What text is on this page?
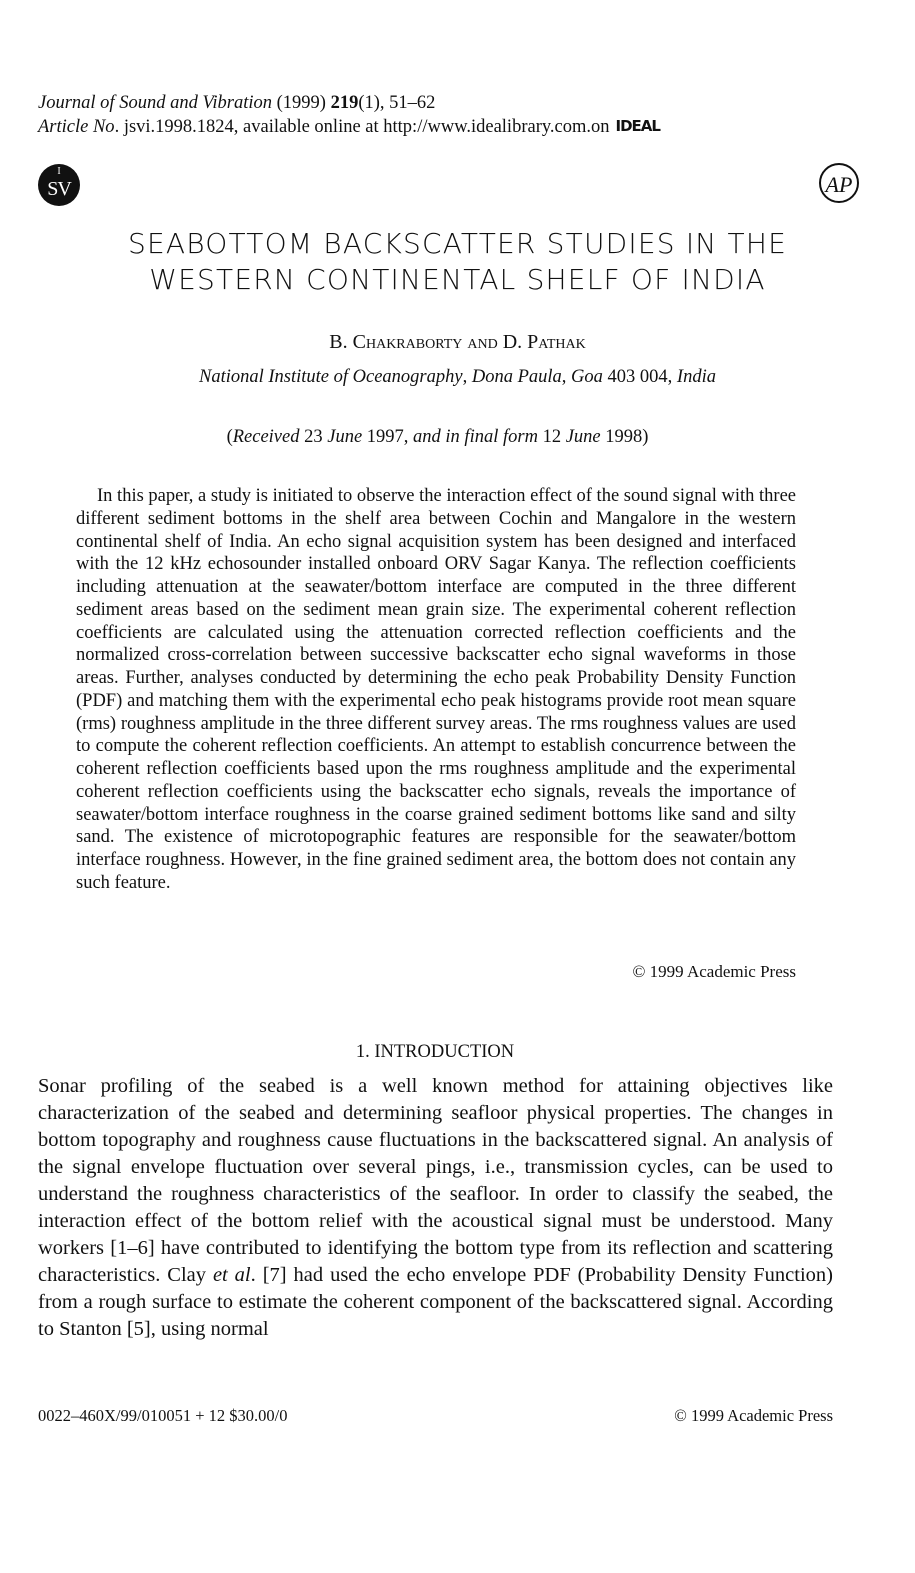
Journal of Sound and Vibration (1999) 219(1), 51–62
Article No. jsvi.1998.1824, available online at http://www.idealibrary.com.on IDEAL
I
SV	AP
SEABOTTOM BACKSCATTER STUDIES IN THE
WESTERN CONTINENTAL SHELF OF INDIA
B. Chakraborty and D. Pathak
National Institute of Oceanography, Dona Paula, Goa 403 004, India
(Received 23 June 1997, and in final form 12 June 1998)
In this paper, a study is initiated to observe the interaction effect of the sound signal with three different sediment bottoms in the shelf area between Cochin and Mangalore in the western continental shelf of India. An echo signal acquisition system has been designed and interfaced with the 12 kHz echosounder installed onboard ORV Sagar Kanya. The reflection coefficients including attenuation at the seawater/bottom interface are computed in the three different sediment areas based on the sediment mean grain size. The experimental coherent reflection coefficients are calculated using the attenuation corrected reflection coefficients and the normalized cross-correlation between successive backscatter echo signal waveforms in those areas. Further, analyses conducted by determining the echo peak Probability Density Function (PDF) and matching them with the experimental echo peak histograms provide root mean square (rms) roughness amplitude in the three different survey areas. The rms roughness values are used to compute the coherent reflection coefficients. An attempt to establish concurrence between the coherent reflection coefficients based upon the rms roughness amplitude and the experimental coherent reflection coefficients using the backscatter echo signals, reveals the importance of seawater/bottom interface roughness in the coarse grained sediment bottoms like sand and silty sand. The existence of microtopographic features are responsible for the seawater/bottom interface roughness. However, in the fine grained sediment area, the bottom does not contain any such feature.
© 1999 Academic Press
1. INTRODUCTION
Sonar profiling of the seabed is a well known method for attaining objectives like characterization of the seabed and determining seafloor physical properties. The changes in bottom topography and roughness cause fluctuations in the backscattered signal. An analysis of the signal envelope fluctuation over several pings, i.e., transmission cycles, can be used to understand the roughness characteristics of the seafloor. In order to classify the seabed, the interaction effect of the bottom relief with the acoustical signal must be understood. Many workers [1–6] have contributed to identifying the bottom type from its reflection and scattering characteristics. Clay et al. [7] had used the echo envelope PDF (Probability Density Function) from a rough surface to estimate the coherent component of the backscattered signal. According to Stanton [5], using normal
0022–460X/99/010051 + 12 $30.00/0	© 1999 Academic Press
